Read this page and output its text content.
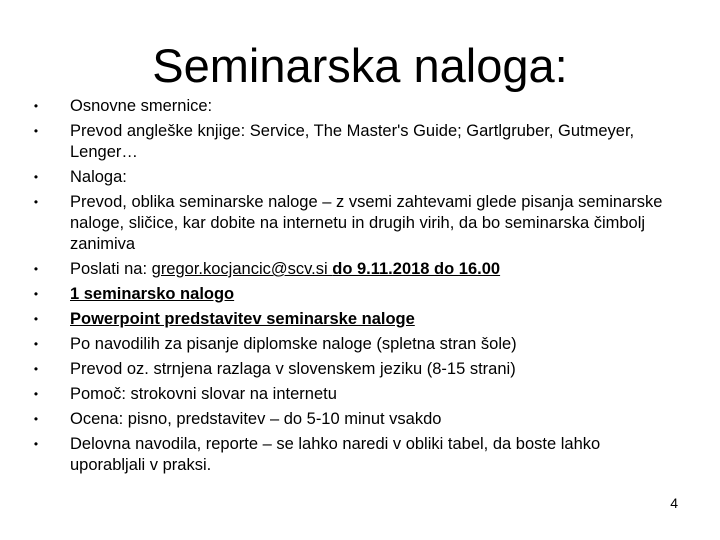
Seminarska naloga:
• Osnovne smernice:
• Prevod angleške knjige: Service, The Master's Guide; Gartlgruber, Gutmeyer, Lenger…
• Naloga:
• Prevod, oblika seminarske naloge – z vsemi zahtevami glede pisanja seminarske naloge, sličice, kar dobite na internetu in drugih virih, da bo seminarska čimbolj zanimiva
• Poslati na: gregor.kocjancic@scv.si do 9.11.2018 do 16.00
• 1 seminarsko nalogo
• Powerpoint predstavitev seminarske naloge
• Po navodilih za pisanje diplomske naloge (spletna stran šole)
• Prevod oz. strnjena razlaga v slovenskem jeziku (8-15 strani)
• Pomoč: strokovni slovar na internetu
• Ocena: pisno, predstavitev – do 5-10 minut vsakdo
• Delovna navodila, reporte – se lahko naredi v obliki tabel, da boste lahko uporabljali v praksi.
4
